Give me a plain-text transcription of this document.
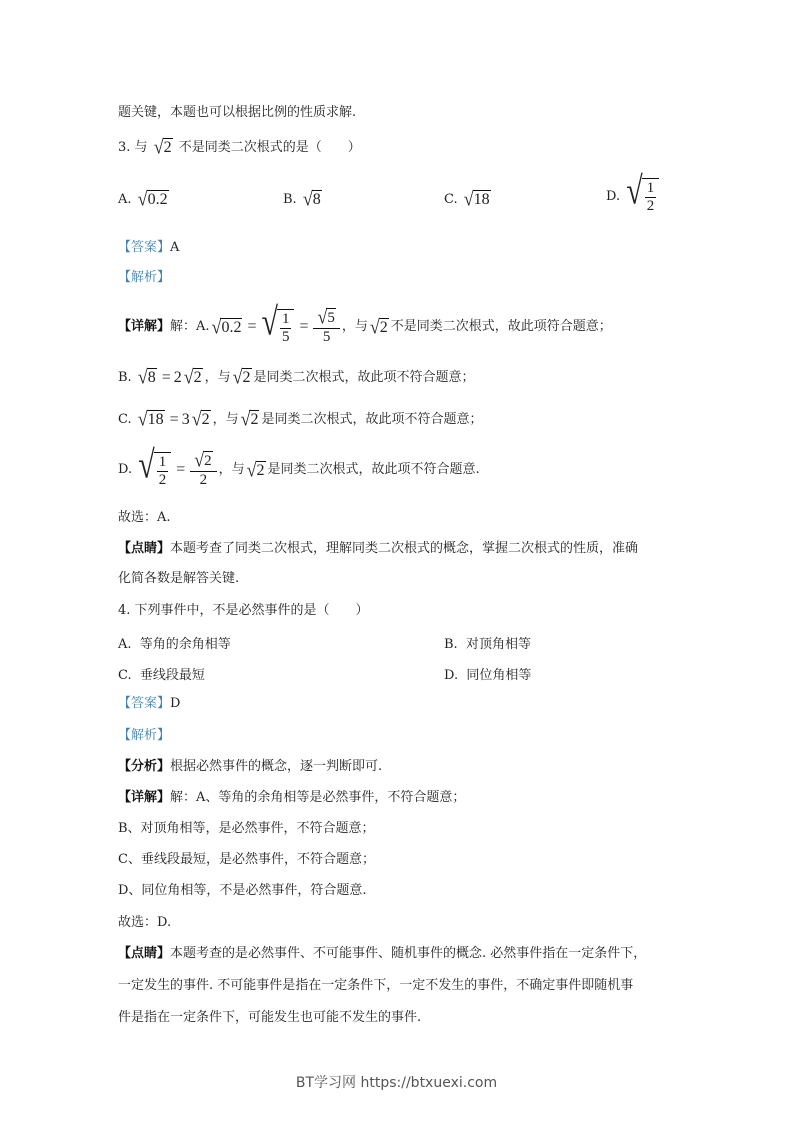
题关键，本题也可以根据比例的性质求解.
3. 与 √ 2 不是同类二次根式的是（　　）
A. √ 0.2	B. √ 8	C. √ 18	D. √ $\frac{1}{2}$
【答案】A
【解析】
【详解】 解：A. √ 0.2 = √ $\frac{1}{5} = \frac{√ 5}{5}$ ，与 √ 2 不是同类二次根式，故此项符合题意；
B.
√ 8 = 2 √ 2 ，与 √ 2 是同类二次根式，故此项不符合题意；
C.
√ 18 = 3 √ 2 ，与 √ 2 是同类二次根式，故此项不符合题意；
D.
√ $\frac{1}{2} = \frac{√ 2}{2}$ ，与 √ 2 是同类二次根式，故此项不符合题意.
故选：A.
【点睛】本题考查了同类二次根式，理解同类二次根式的概念，掌握二次根式的性质，准确
化简各数是解答关键.
4. 下列事件中，不是必然事件的是（　　）
A. 等角的余角相等	B. 对顶角相等
C. 垂线段最短	D. 同位角相等
【答案】D
【解析】
【分析】根据必然事件的概念，逐一判断即可.
【详解】解：A、等角的余角相等是必然事件，不符合题意；
B、对顶角相等，是必然事件，不符合题意；
C、垂线段最短，是必然事件，不符合题意；
D、同位角相等，不是必然事件，符合题意.
故选：D.
【点睛】本题考查的是必然事件、不可能事件、随机事件的概念. 必然事件指在一定条件下，
一定发生的事件. 不可能事件是指在一定条件下，一定不发生的事件，不确定事件即随机事
件是指在一定条件下，可能发生也可能不发生的事件.
BT学习网 https://btxuexi.com
